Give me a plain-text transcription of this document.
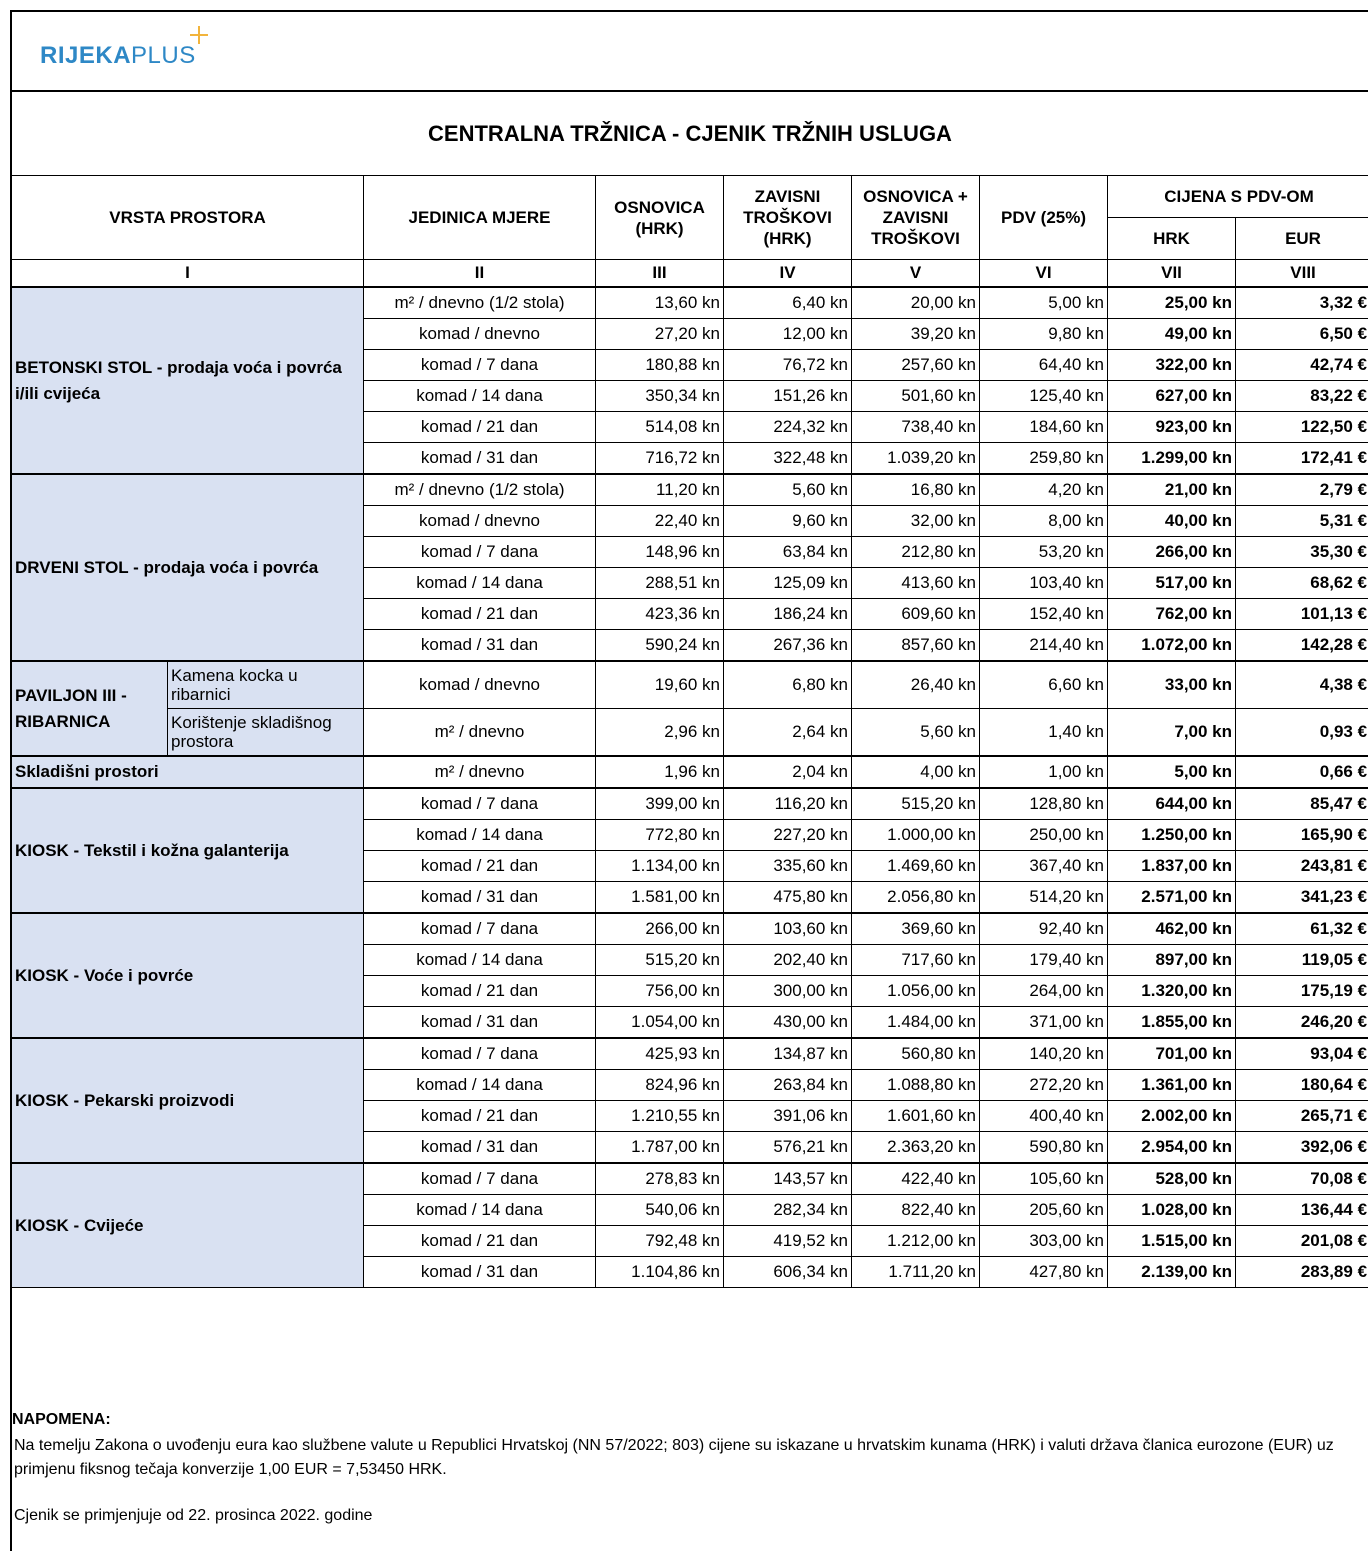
RIJEKAPLUS
CENTRALNA TRŽNICA - CJENIK TRŽNIH USLUGA
VRSTA PROSTORA		JEDINICA MJERE	OSNOVICA (HRK)	ZAVISNI TROŠKOVI (HRK)	OSNOVICA + ZAVISNI TROŠKOVI	PDV (25%)	CIJENA S PDV-OM	
							HRK	EUR
I		II	III	IV	V	VI	VII	VIII
BETONSKI STOL - prodaja voća i povrća i/ili cvijeća		m² / dnevno (1/2 stola)	13,60 kn	6,40 kn	20,00 kn	5,00 kn	25,00 kn	3,32 €
		komad / dnevno	27,20 kn	12,00 kn	39,20 kn	9,80 kn	49,00 kn	6,50 €
		komad / 7 dana	180,88 kn	76,72 kn	257,60 kn	64,40 kn	322,00 kn	42,74 €
		komad / 14 dana	350,34 kn	151,26 kn	501,60 kn	125,40 kn	627,00 kn	83,22 €
		komad / 21 dan	514,08 kn	224,32 kn	738,40 kn	184,60 kn	923,00 kn	122,50 €
		komad / 31 dan	716,72 kn	322,48 kn	1.039,20 kn	259,80 kn	1.299,00 kn	172,41 €
DRVENI STOL - prodaja voća i povrća		m² / dnevno (1/2 stola)	11,20 kn	5,60 kn	16,80 kn	4,20 kn	21,00 kn	2,79 €
		komad / dnevno	22,40 kn	9,60 kn	32,00 kn	8,00 kn	40,00 kn	5,31 €
		komad / 7 dana	148,96 kn	63,84 kn	212,80 kn	53,20 kn	266,00 kn	35,30 €
		komad / 14 dana	288,51 kn	125,09 kn	413,60 kn	103,40 kn	517,00 kn	68,62 €
		komad / 21 dan	423,36 kn	186,24 kn	609,60 kn	152,40 kn	762,00 kn	101,13 €
		komad / 31 dan	590,24 kn	267,36 kn	857,60 kn	214,40 kn	1.072,00 kn	142,28 €
PAVILJON III - RIBARNICA	Kamena kocka u ribarnici	komad / dnevno	19,60 kn	6,80 kn	26,40 kn	6,60 kn	33,00 kn	4,38 €
	Korištenje skladišnog prostora	m² / dnevno	2,96 kn	2,64 kn	5,60 kn	1,40 kn	7,00 kn	0,93 €
Skladišni prostori		m² / dnevno	1,96 kn	2,04 kn	4,00 kn	1,00 kn	5,00 kn	0,66 €
KIOSK - Tekstil i kožna galanterija		komad / 7 dana	399,00 kn	116,20 kn	515,20 kn	128,80 kn	644,00 kn	85,47 €
		komad / 14 dana	772,80 kn	227,20 kn	1.000,00 kn	250,00 kn	1.250,00 kn	165,90 €
		komad / 21 dan	1.134,00 kn	335,60 kn	1.469,60 kn	367,40 kn	1.837,00 kn	243,81 €
		komad / 31 dan	1.581,00 kn	475,80 kn	2.056,80 kn	514,20 kn	2.571,00 kn	341,23 €
KIOSK - Voće i povrće		komad / 7 dana	266,00 kn	103,60 kn	369,60 kn	92,40 kn	462,00 kn	61,32 €
		komad / 14 dana	515,20 kn	202,40 kn	717,60 kn	179,40 kn	897,00 kn	119,05 €
		komad / 21 dan	756,00 kn	300,00 kn	1.056,00 kn	264,00 kn	1.320,00 kn	175,19 €
		komad / 31 dan	1.054,00 kn	430,00 kn	1.484,00 kn	371,00 kn	1.855,00 kn	246,20 €
KIOSK - Pekarski proizvodi		komad / 7 dana	425,93 kn	134,87 kn	560,80 kn	140,20 kn	701,00 kn	93,04 €
		komad / 14 dana	824,96 kn	263,84 kn	1.088,80 kn	272,20 kn	1.361,00 kn	180,64 €
		komad / 21 dan	1.210,55 kn	391,06 kn	1.601,60 kn	400,40 kn	2.002,00 kn	265,71 €
		komad / 31 dan	1.787,00 kn	576,21 kn	2.363,20 kn	590,80 kn	2.954,00 kn	392,06 €
KIOSK - Cvijeće		komad / 7 dana	278,83 kn	143,57 kn	422,40 kn	105,60 kn	528,00 kn	70,08 €
		komad / 14 dana	540,06 kn	282,34 kn	822,40 kn	205,60 kn	1.028,00 kn	136,44 €
		komad / 21 dan	792,48 kn	419,52 kn	1.212,00 kn	303,00 kn	1.515,00 kn	201,08 €
		komad / 31 dan	1.104,86 kn	606,34 kn	1.711,20 kn	427,80 kn	2.139,00 kn	283,89 €
NAPOMENA:
Na temelju Zakona o uvođenju eura kao službene valute u Republici Hrvatskoj (NN 57/2022; 803) cijene su iskazane u hrvatskim kunama (HRK) i valuti država članica eurozone (EUR) uz primjenu fiksnog tečaja konverzije 1,00 EUR = 7,53450 HRK.
Cjenik se primjenjuje od 22. prosinca 2022. godine
